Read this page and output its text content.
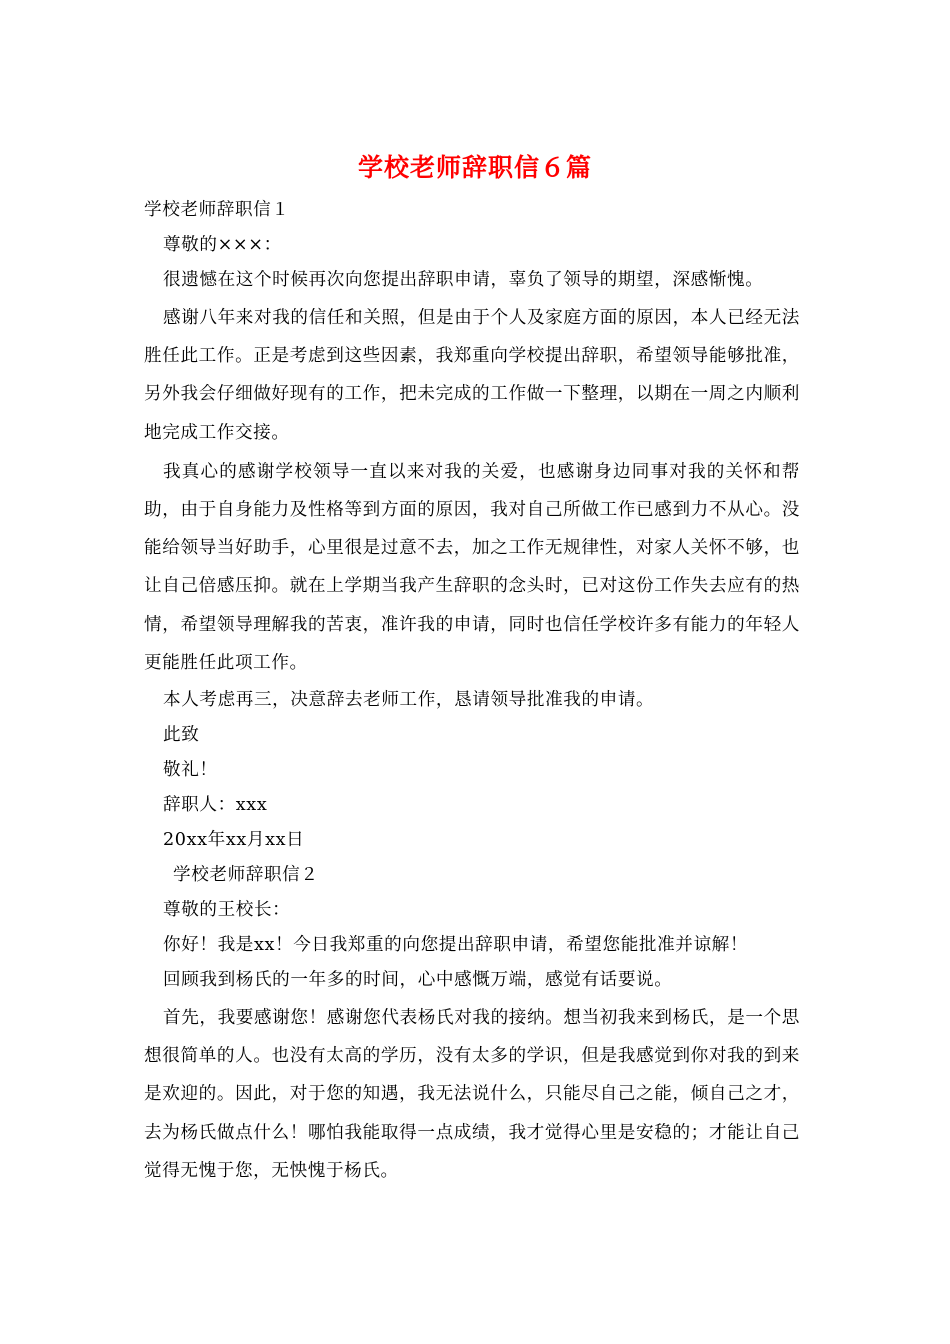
学校老师辞职信６篇
学校老师辞职信１
尊敬的×××：
很遗憾在这个时候再次向您提出辞职申请，辜负了领导的期望，深感惭愧。

感谢八年来对我的信任和关照，但是由于个人及家庭方面的原因，本人已经无法胜任此工作。正是考虑到这些因素，我郑重向学校提出辞职，希望领导能够批准，另外我会仔细做好现有的工作，把未完成的工作做一下整理，以期在一周之内顺利地完成工作交接。

我真心的感谢学校领导一直以来对我的关爱，也感谢身边同事对我的关怀和帮助，由于自身能力及性格等到方面的原因，我对自己所做工作已感到力不从心。没能给领导当好助手，心里很是过意不去，加之工作无规律性，对家人关怀不够，也让自己倍感压抑。就在上学期当我产生辞职的念头时，已对这份工作失去应有的热情，希望领导理解我的苦衷，准许我的申请，同时也信任学校许多有能力的年轻人更能胜任此项工作。

本人考虑再三，决意辞去老师工作，恳请领导批准我的申请。
此致
敬礼！
辞职人：xxx
20xx年xx月xx日
学校老师辞职信２
尊敬的王校长：
你好！我是xx！今日我郑重的向您提出辞职申请，希望您能批准并谅解！
回顾我到杨氏的一年多的时间，心中感慨万端，感觉有话要说。

首先，我要感谢您！感谢您代表杨氏对我的接纳。想当初我来到杨氏，是一个思想很简单的人。也没有太高的学历，没有太多的学识，但是我感觉到你对我的到来是欢迎的。因此，对于您的知遇，我无法说什么，只能尽自己之能，倾自己之才，去为杨氏做点什么！哪怕我能取得一点成绩，我才觉得心里是安稳的；才能让自己觉得无愧于您，无怏愧于杨氏。
